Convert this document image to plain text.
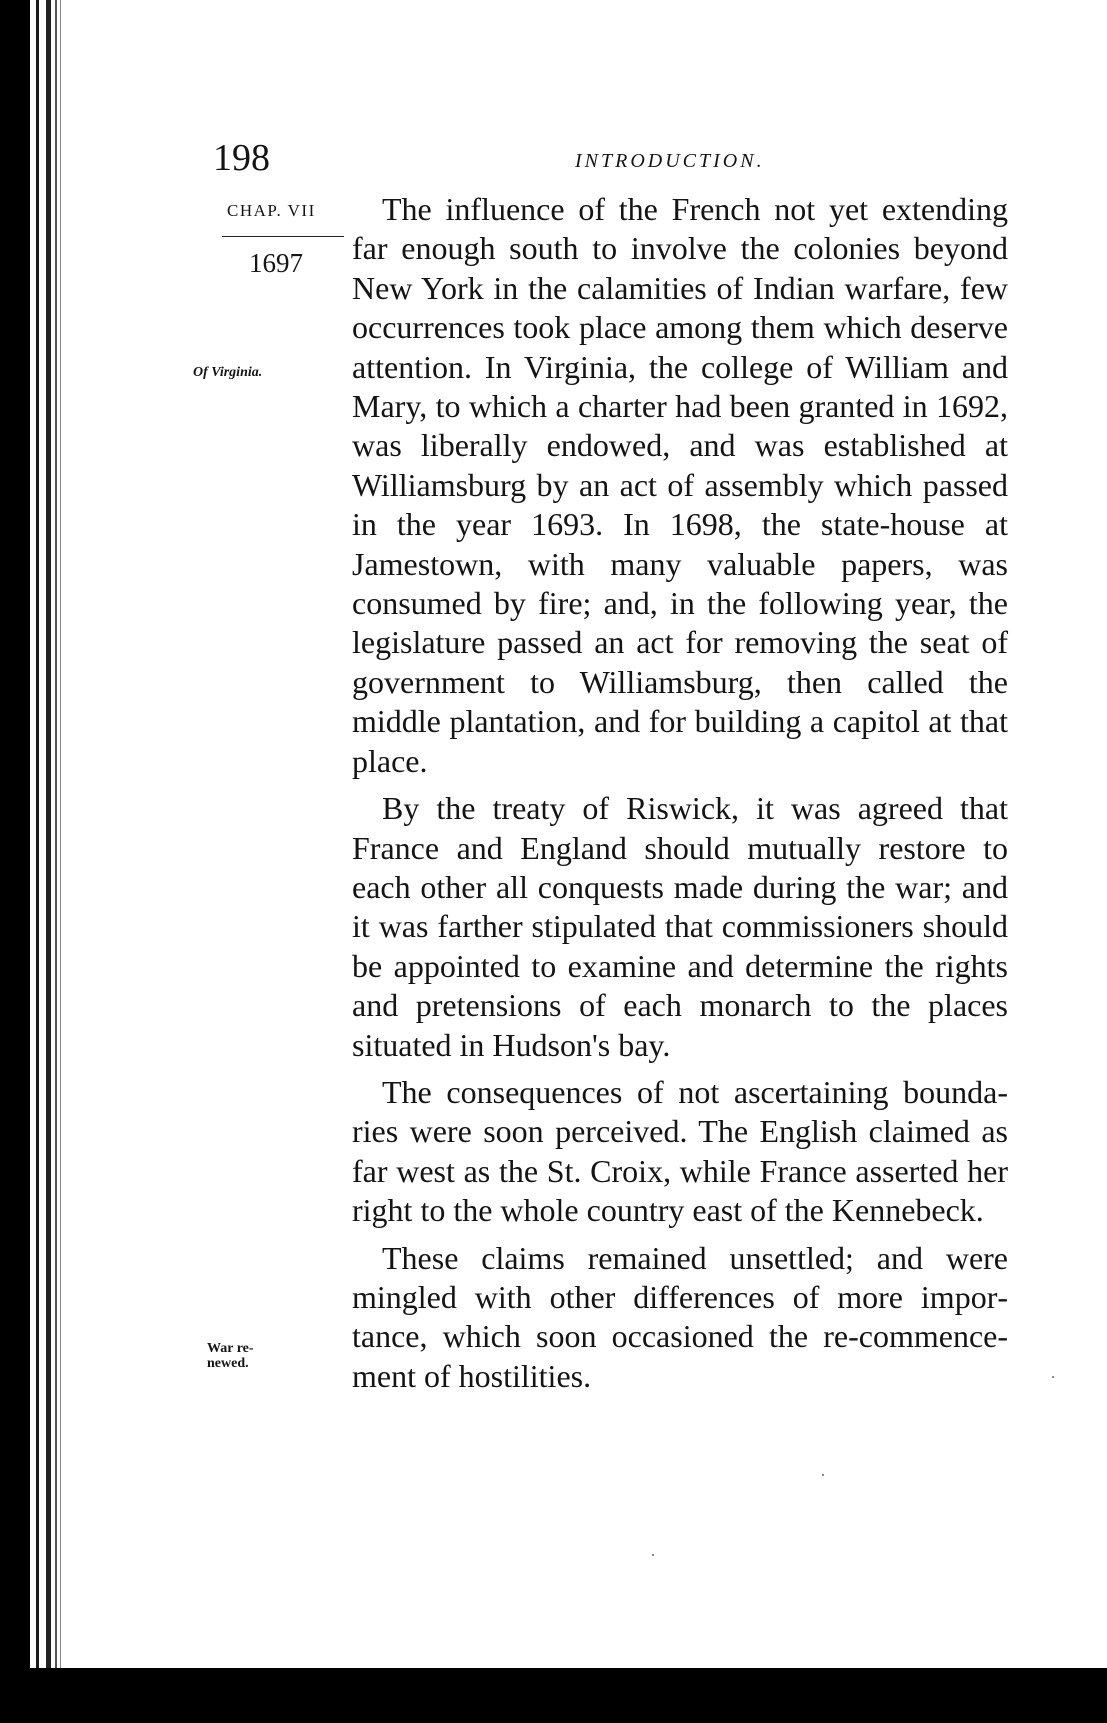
198	INTRODUCTION.
CHAP. VII
1697
Of Virginia.
War re-newed.

The influence of the French not yet extending far enough south to involve the colonies beyond New York in the calamities of Indian warfare, few occurrences took place among them which deserve attention. In Virginia, the college of William and Mary, to which a charter had been granted in 1692, was liberally endowed, and was established at Williamsburg by an act of assembly which passed in the year 1693. In 1698, the state-house at Jamestown, with many valuable papers, was consumed by fire; and, in the following year, the legislature passed an act for removing the seat of government to Williamsburg, then called the middle plantation, and for building a capitol at that place.

By the treaty of Riswick, it was agreed that France and England should mutually restore to each other all conquests made during the war; and it was farther stipulated that commissioners should be appointed to examine and determine the rights and pretensions of each monarch to the places situated in Hudson's bay.

The consequences of not ascertaining boundaries were soon perceived. The English claimed as far west as the St. Croix, while France asserted her right to the whole country east of the Kennebeck.

These claims remained unsettled; and were mingled with other differences of more importance, which soon occasioned the re-commencement of hostilities.
